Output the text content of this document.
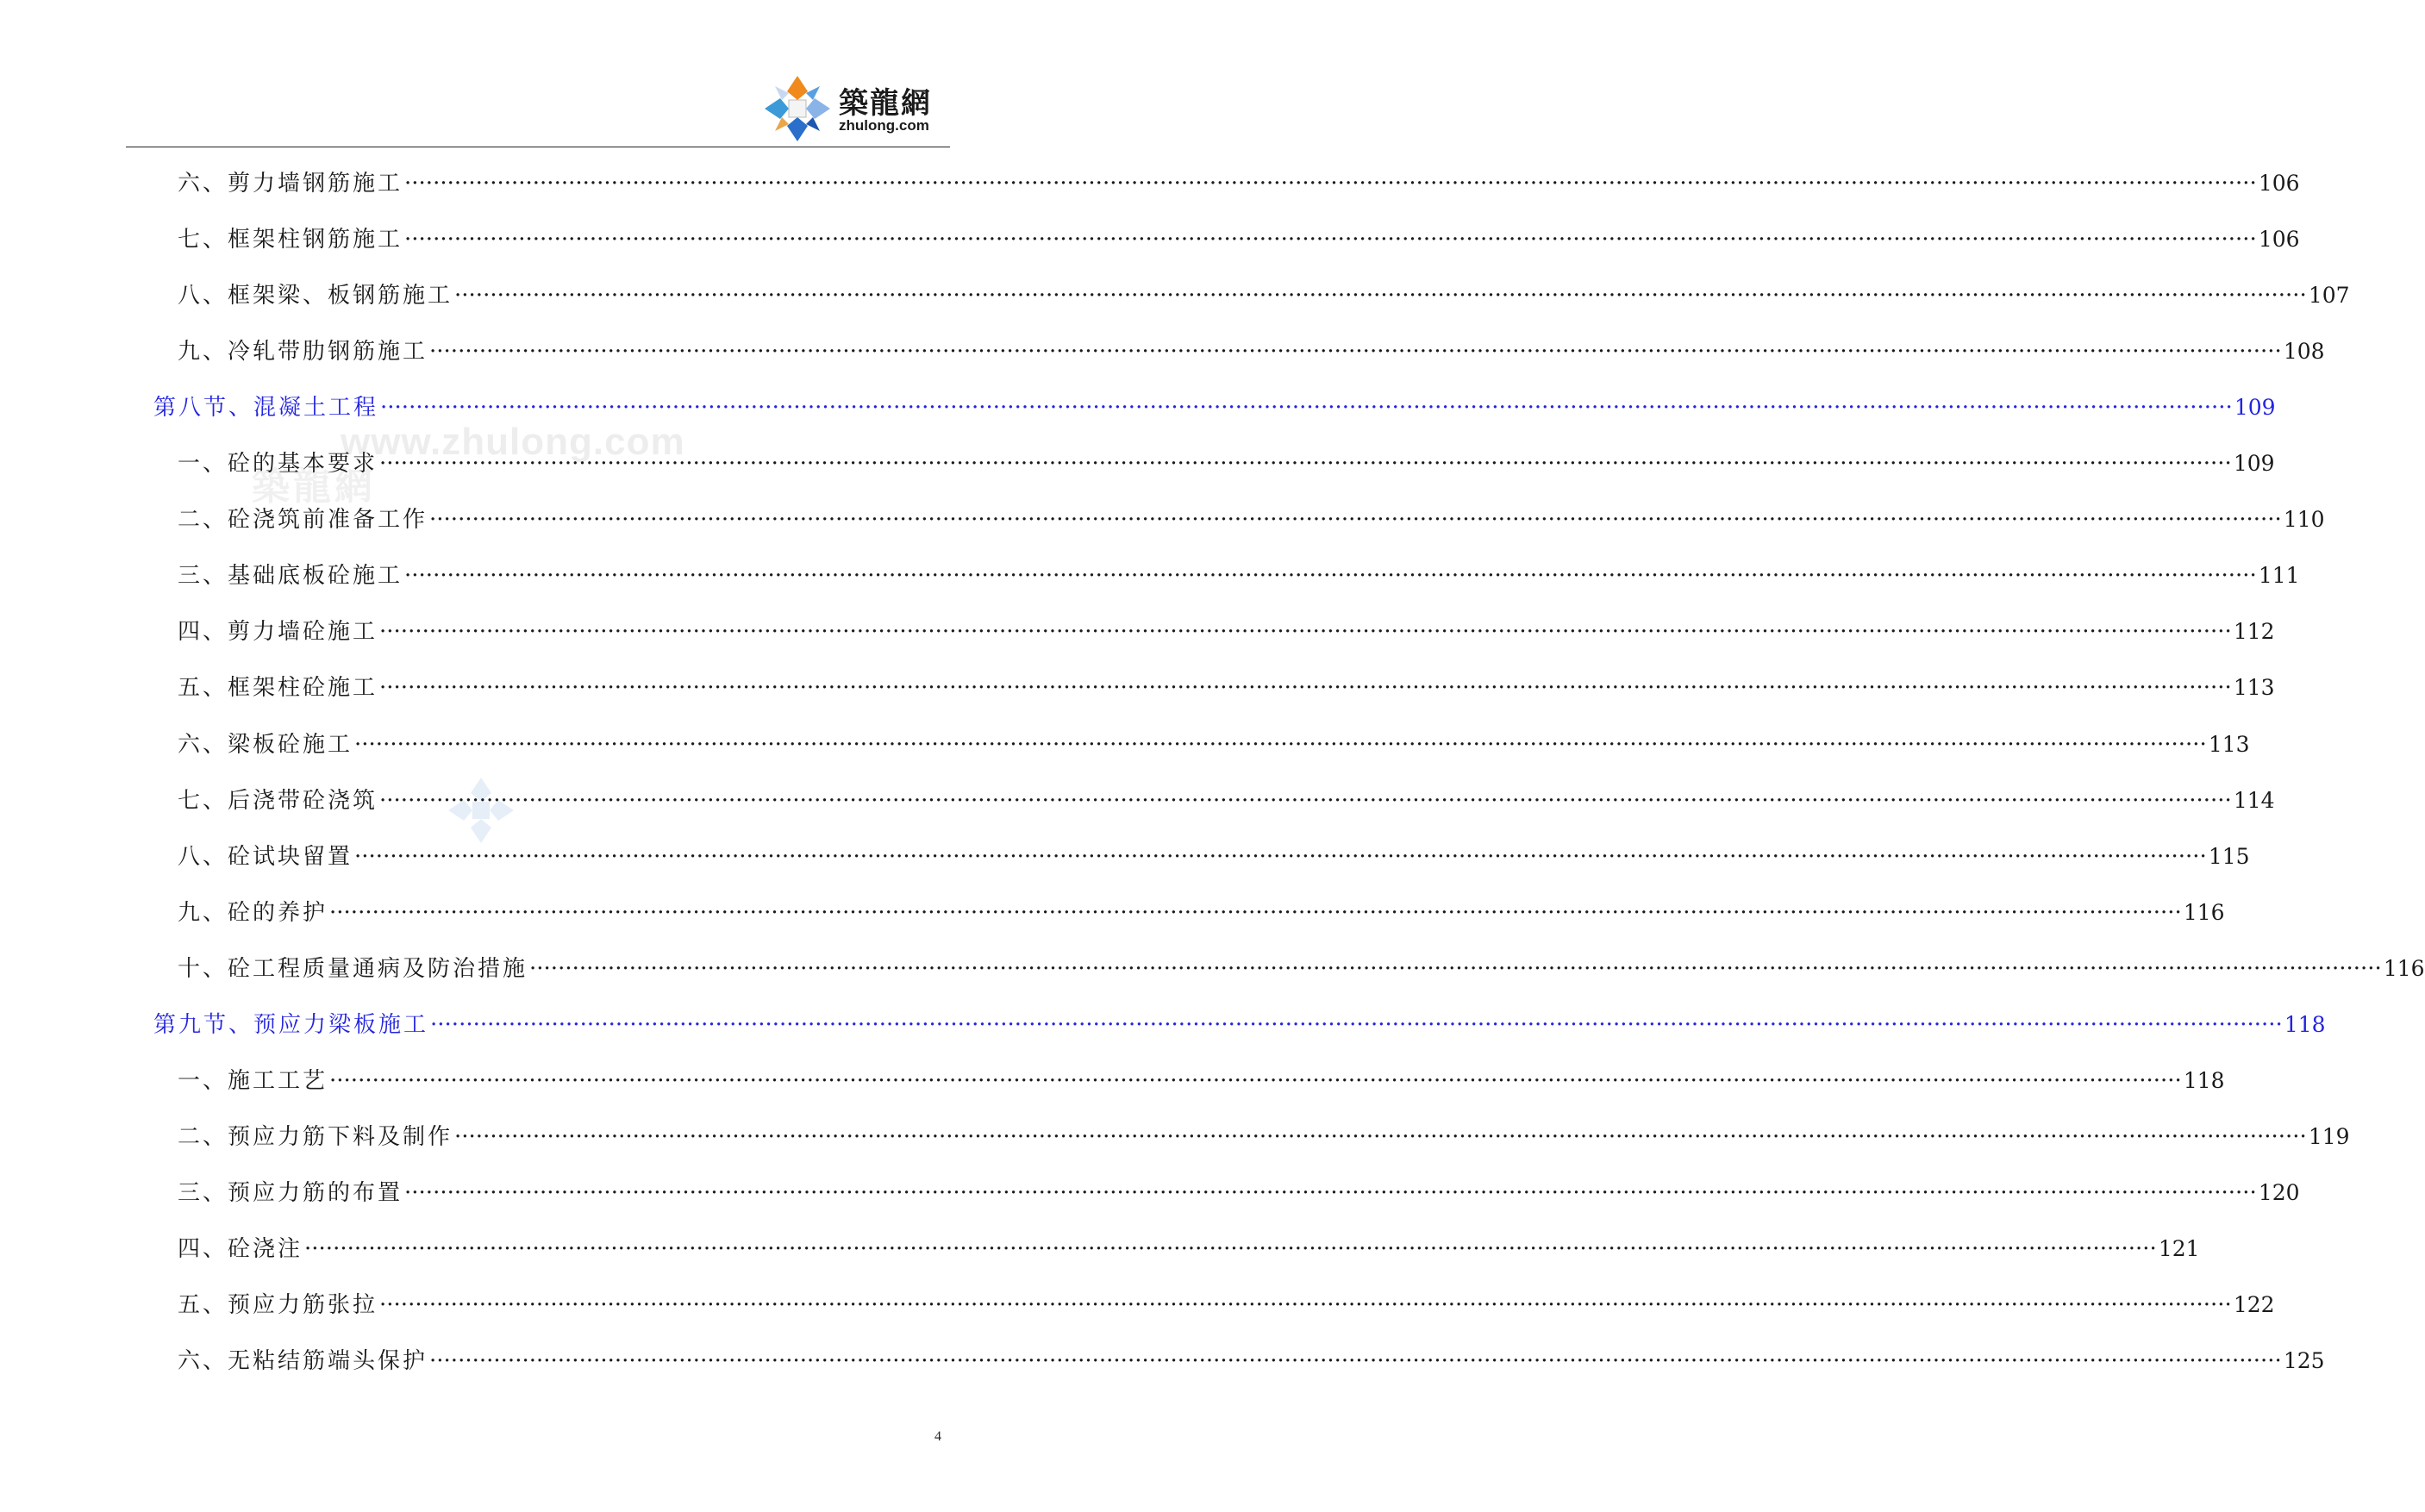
築龍網
zhulong.com
www.zhulong.com
築龍網
六、剪力墙钢筋施工 ···································································································································································································································································· 106
七、框架柱钢筋施工 ···································································································································································································································································· 106
八、框架梁、板钢筋施工 ···································································································································································································································································· 107
九、冷轧带肋钢筋施工 ···································································································································································································································································· 108
第八节、混凝土工程 ···································································································································································································································································· 109
一、砼的基本要求 ···································································································································································································································································· 109
二、砼浇筑前准备工作 ···································································································································································································································································· 110
三、基础底板砼施工 ···································································································································································································································································· 111
四、剪力墙砼施工 ···································································································································································································································································· 112
五、框架柱砼施工 ···································································································································································································································································· 113
六、梁板砼施工 ···································································································································································································································································· 113
七、后浇带砼浇筑 ···································································································································································································································································· 114
八、砼试块留置 ···································································································································································································································································· 115
九、砼的养护 ···································································································································································································································································· 116
十、砼工程质量通病及防治措施 ···································································································································································································································································· 116
第九节、预应力梁板施工 ···································································································································································································································································· 118
一、施工工艺 ···································································································································································································································································· 118
二、预应力筋下料及制作 ···································································································································································································································································· 119
三、预应力筋的布置 ···································································································································································································································································· 120
四、砼浇注 ···································································································································································································································································· 121
五、预应力筋张拉 ···································································································································································································································································· 122
六、无粘结筋端头保护 ···································································································································································································································································· 125
4
